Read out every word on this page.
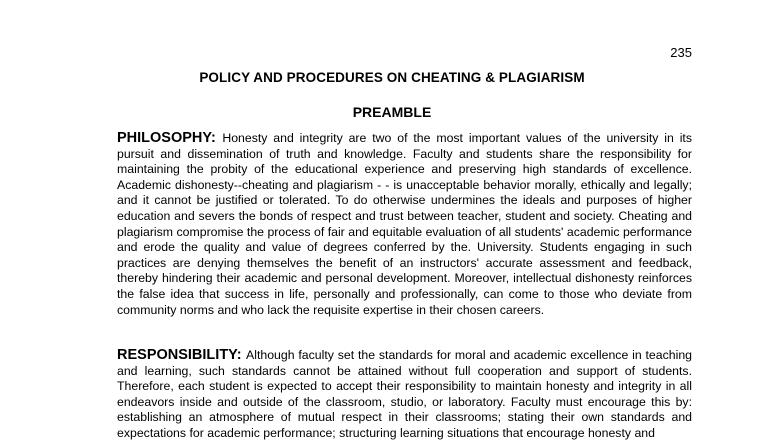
235
POLICY AND PROCEDURES ON CHEATING & PLAGIARISM
PREAMBLE
PHILOSOPHY: Honesty and integrity are two of the most important values of the university in its pursuit and dissemination of truth and knowledge. Faculty and students share the responsibility for maintaining the probity of the educational experience and preserving high standards of excellence. Academic dishonesty--cheating and plagiarism - - is unacceptable behavior morally, ethically and legally; and it cannot be justified or tolerated. To do otherwise undermines the ideals and purposes of higher education and severs the bonds of respect and trust between teacher, student and society. Cheating and plagiarism compromise the process of fair and equitable evaluation of all students' academic performance and erode the quality and value of degrees conferred by the. University. Students engaging in such practices are denying themselves the benefit of an instructors' accurate assessment and feedback, thereby hindering their academic and personal development. Moreover, intellectual dishonesty reinforces the false idea that success in life, personally and professionally, can come to those who deviate from community norms and who lack the requisite expertise in their chosen careers.
RESPONSIBILITY: Although faculty set the standards for moral and academic excellence in teaching and learning, such standards cannot be attained without full cooperation and support of students. Therefore, each student is expected to accept their responsibility to maintain honesty and integrity in all endeavors inside and outside of the classroom, studio, or laboratory. Faculty must encourage this by: establishing an atmosphere of mutual respect in their classrooms; stating their own standards and expectations for academic performance; structuring learning situations that encourage honesty and
